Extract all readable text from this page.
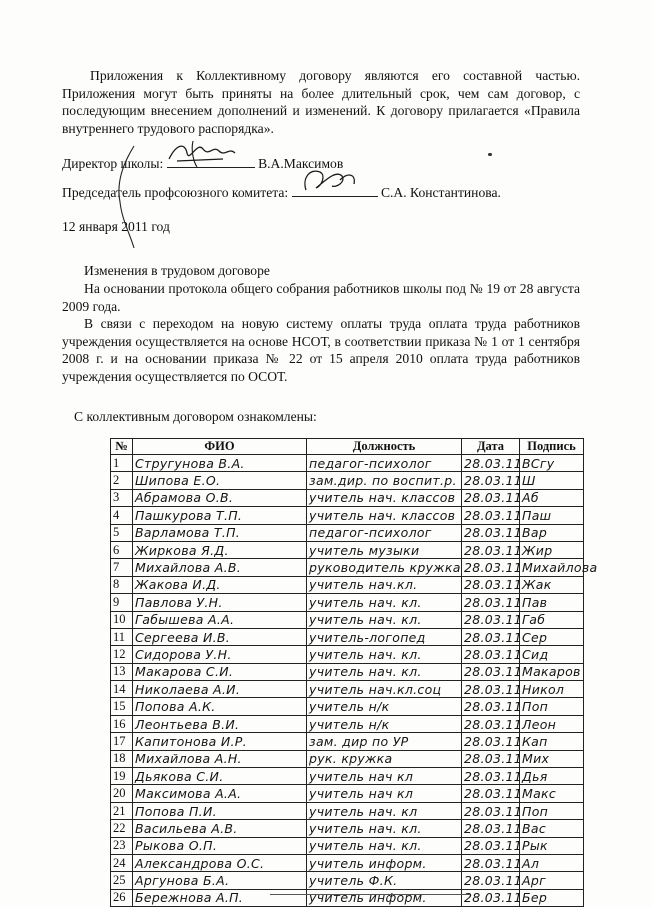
Приложения к Коллективному договору являются его составной частью. Приложения могут быть приняты на более длительный срок, чем сам договор, с последующим внесением дополнений и изменений. К договору прилагается «Правила внутреннего трудового распорядка».
Директор школы:	В.А.Максимов
Председатель профсоюзного комитета:	С.А. Константинова.
12 января 2011 год
Изменения в трудовом договоре
На основании протокола общего собрания работников школы под № 19 от 28 августа 2009 года.
В связи с переходом на новую систему оплаты труда оплата труда работников учреждения осуществляется на основе НСОТ, в соответствии приказа № 1 от 1 сентября 2008 г. и на основании приказа № 22 от 15 апреля 2010 оплата труда работников учреждения осуществляется по ОСОТ.
С коллективным договором ознакомлены:
№	ФИО	Должность	Дата	Подпись
1	Стругунова В.А.	педагог-психолог	28.03.11	ВСгу
2	Шипова Е.О.	зам.дир. по воспит.р.	28.03.11	Ш
3	Абрамова О.В.	учитель нач. классов	28.03.11	Аб
4	Пашкурова Т.П.	учитель нач. классов	28.03.11	Паш
5	Варламова Т.П.	педагог-психолог	28.03.11	Вар
6	Жиркова Я.Д.	учитель музыки	28.03.11	Жир
7	Михайлова А.В.	руководитель кружка	28.03.11	Михайлова
8	Жакова И.Д.	учитель нач.кл.	28.03.11	Жак
9	Павлова У.Н.	учитель нач. кл.	28.03.11	Пав
10	Габышева А.А.	учитель нач. кл.	28.03.11	Габ
11	Сергеева И.В.	учитель-логопед	28.03.11	Сер
12	Сидорова У.Н.	учитель нач. кл.	28.03.11	Сид
13	Макарова С.И.	учитель нач. кл.	28.03.11	Макаров
14	Николаева А.И.	учитель нач.кл.соц	28.03.11	Никол
15	Попова А.К.	учитель н/к	28.03.11	Поп
16	Леонтьева В.И.	учитель н/к	28.03.11	Леон
17	Капитонова И.Р.	зам. дир по УР	28.03.11	Кап
18	Михайлова А.Н.	рук. кружка	28.03.11	Мих
19	Дьякова С.И.	учитель нач кл	28.03.11	Дья
20	Максимова А.А.	учитель нач кл	28.03.11	Макс
21	Попова П.И.	учитель нач. кл	28.03.11	Поп
22	Васильева А.В.	учитель нач. кл.	28.03.11	Вас
23	Рыкова О.П.	учитель нач. кл.	28.03.11	Рык
24	Александрова О.С.	учитель информ.	28.03.11	Ал
25	Аргунова Б.А.	учитель Ф.К.	28.03.11	Арг
26	Бережнова А.П.	учитель информ.	28.03.11	Бер
